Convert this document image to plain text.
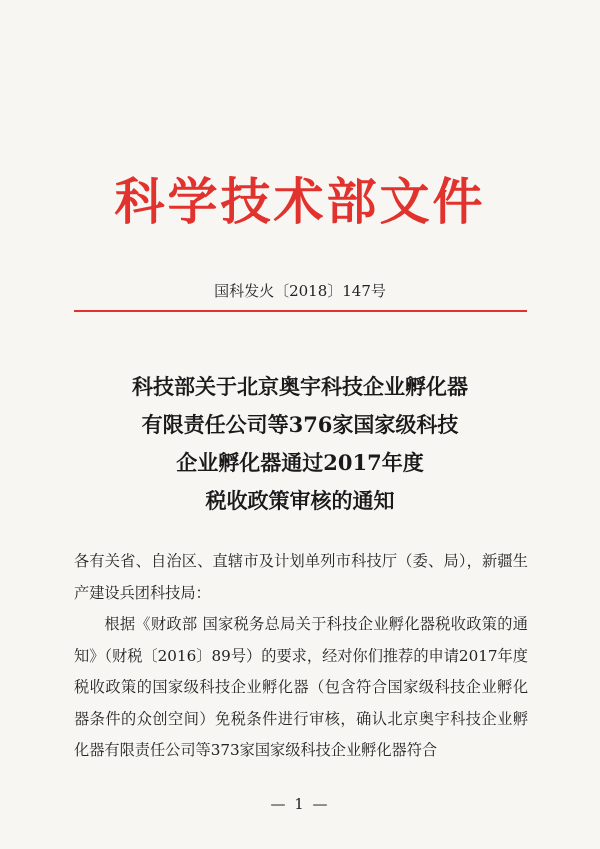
科学技术部文件
国科发火〔2018〕147号
科技部关于北京奥宇科技企业孵化器
有限责任公司等376家国家级科技
企业孵化器通过2017年度
税收政策审核的通知

各有关省、自治区、直辖市及计划单列市科技厅（委、局），新疆生产建设兵团科技局：

根据《财政部 国家税务总局关于科技企业孵化器税收政策的通知》（财税〔2016〕89号）的要求，经对你们推荐的申请2017年度税收政策的国家级科技企业孵化器（包含符合国家级科技企业孵化器条件的众创空间）免税条件进行审核，确认北京奥宇科技企业孵化器有限责任公司等373家国家级科技企业孵化器符合

— 1 —
